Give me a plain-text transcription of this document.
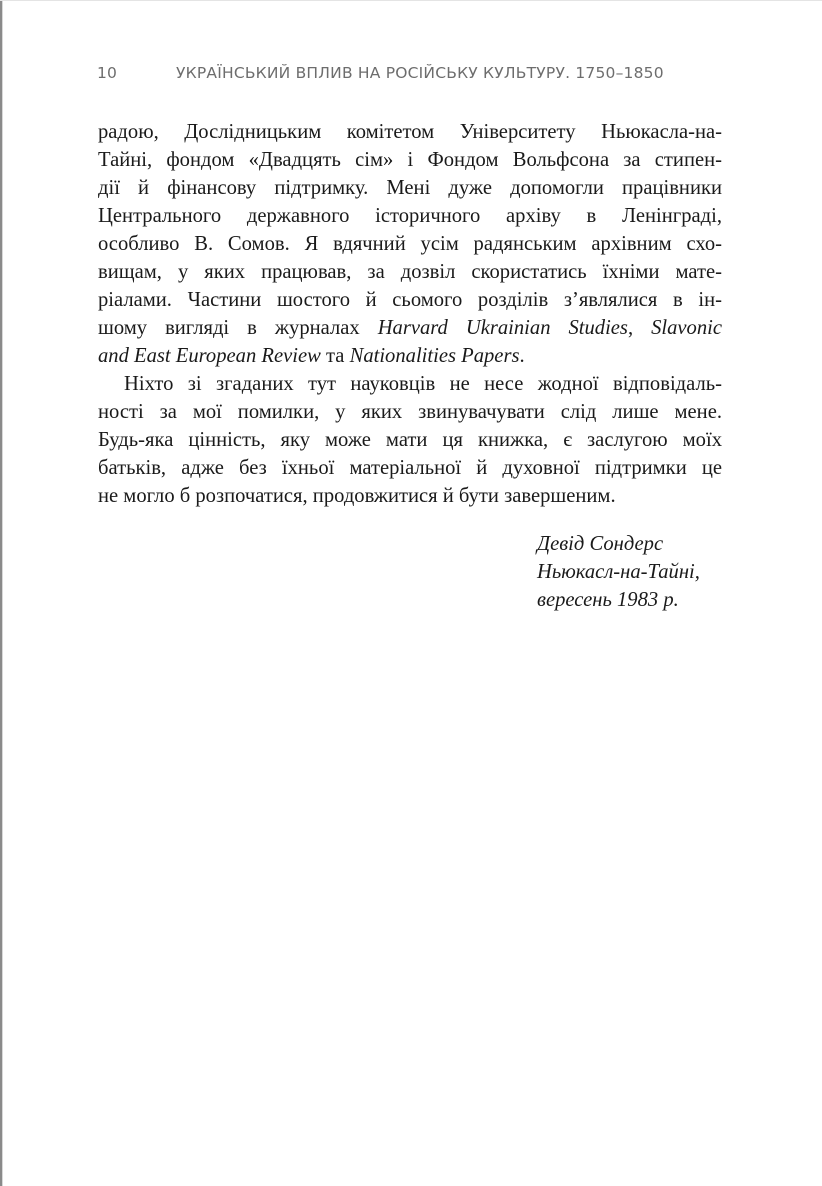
10	УКРАЇНСЬКИЙ ВПЛИВ НА РОСІЙСЬКУ КУЛЬТУРУ. 1750–1850
радою, Дослідницьким комітетом Університету Ньюкасла-на-
Тайні, фондом «Двадцять сім» і Фондом Вольфсона за стипен-
дії й фінансову підтримку. Мені дуже допомогли працівники
Центрального державного історичного архіву в Ленінграді,
особливо В. Сомов. Я вдячний усім радянським архівним схо-
вищам, у яких працював, за дозвіл скористатись їхніми мате-
ріалами. Частини шостого й сьомого розділів з’являлися в ін-
шому вигляді в журналах Harvard Ukrainian Studies, Slavonic
and East European Review та Nationalities Papers.
Ніхто зі згаданих тут науковців не несе жодної відповідаль-
ності за мої помилки, у яких звинувачувати слід лише мене.
Будь-яка цінність, яку може мати ця книжка, є заслугою моїх
батьків, адже без їхньої матеріальної й духовної підтримки це
не могло б розпочатися, продовжитися й бути завершеним.
Девід Сондерс
Ньюкасл-на-Тайні,
вересень 1983 р.
